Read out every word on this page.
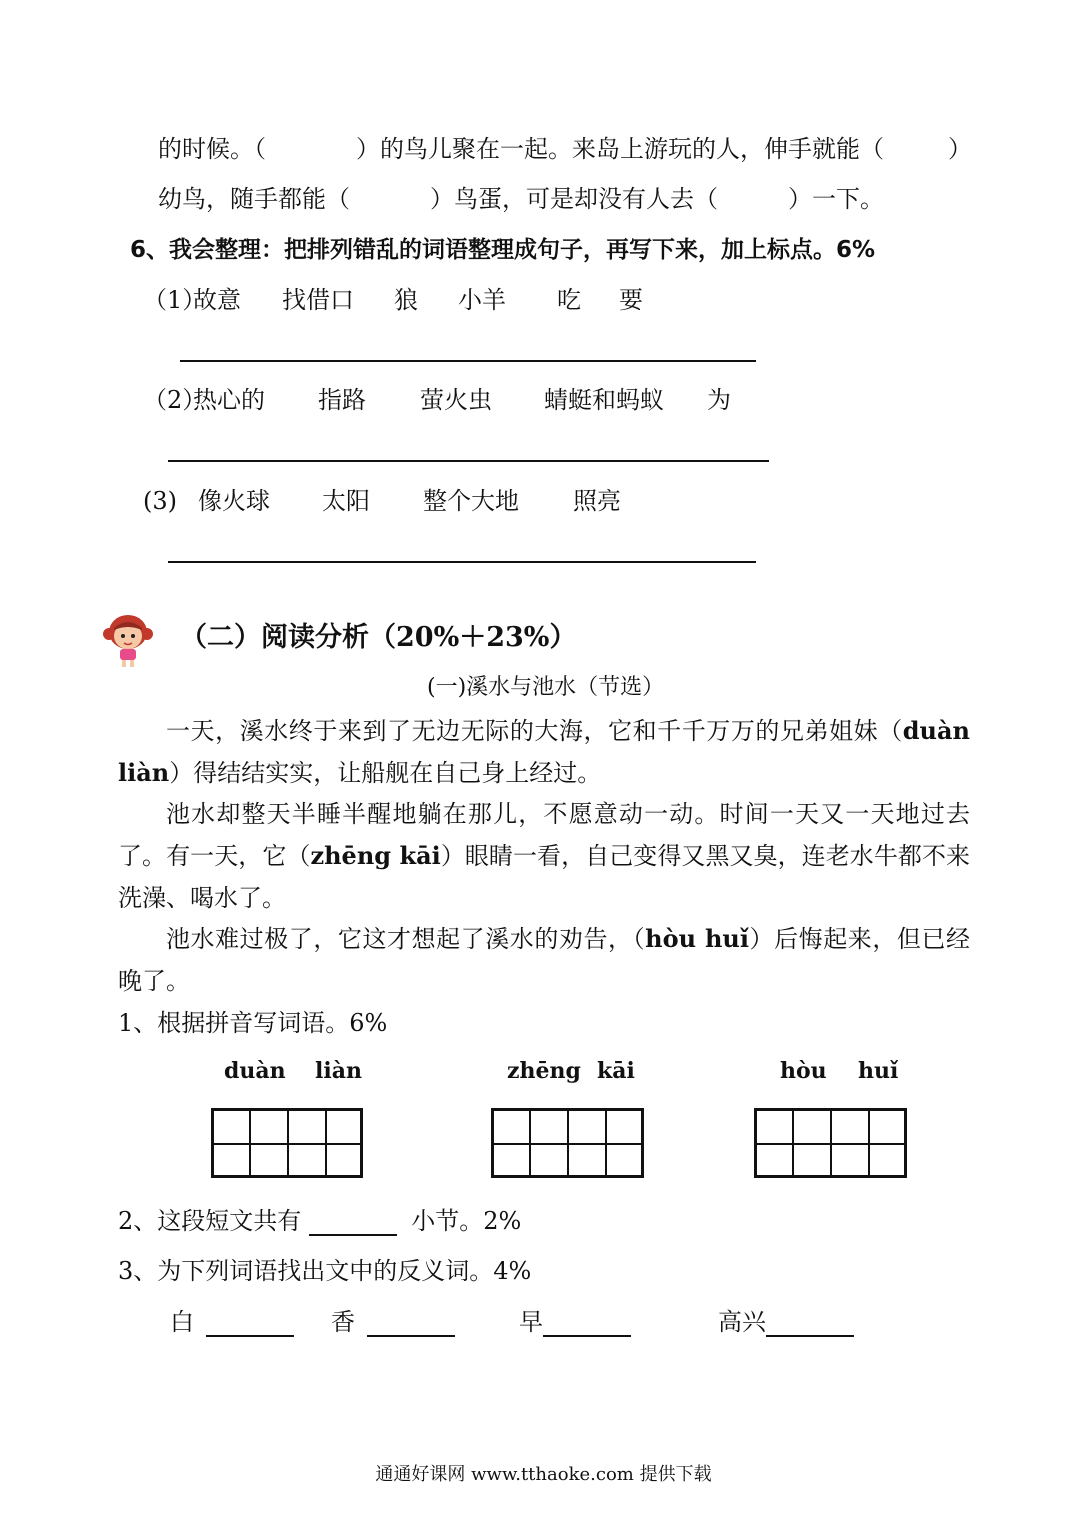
的时候。（	）的鸟儿聚在一起。来岛上游玩的人，伸手就能（	）
幼鸟，随手都能（	）鸟蛋，可是却没有人去（	）一下。
6、我会整理：把排列错乱的词语整理成句子，再写下来，加上标点。6%
（1）
故意 找借口 狼 小羊 吃 要
（2）
热心的 指路 萤火虫 蜻蜓和蚂蚁 为
(3) 像火球 太阳 整个大地 照亮
（二）阅读分析（20%＋23%）
(一)溪水与池水（节选）
一天，溪水终于来到了无边无际的大海，它和千千万万的兄弟姐妹（duàn liàn）得结结实实，让船舰在自己身上经过。
池水却整天半睡半醒地躺在那儿，不愿意动一动。时间一天又一天地过去了。有一天，它（zhēng kāi）眼睛一看，自己变得又黑又臭，连老水牛都不来洗澡、喝水了。
池水难过极了，它这才想起了溪水的劝告，（hòu huǐ）后悔起来，但已经晚了。
1、根据拼音写词语。6%
duàn liàn	zhēng kāi	hòu huǐ
2、这段短文共有	小节。2%
3、为下列词语找出文中的反义词。4%
白	香	早	高兴
通通好课网 www.tthaoke.com 提供下载
